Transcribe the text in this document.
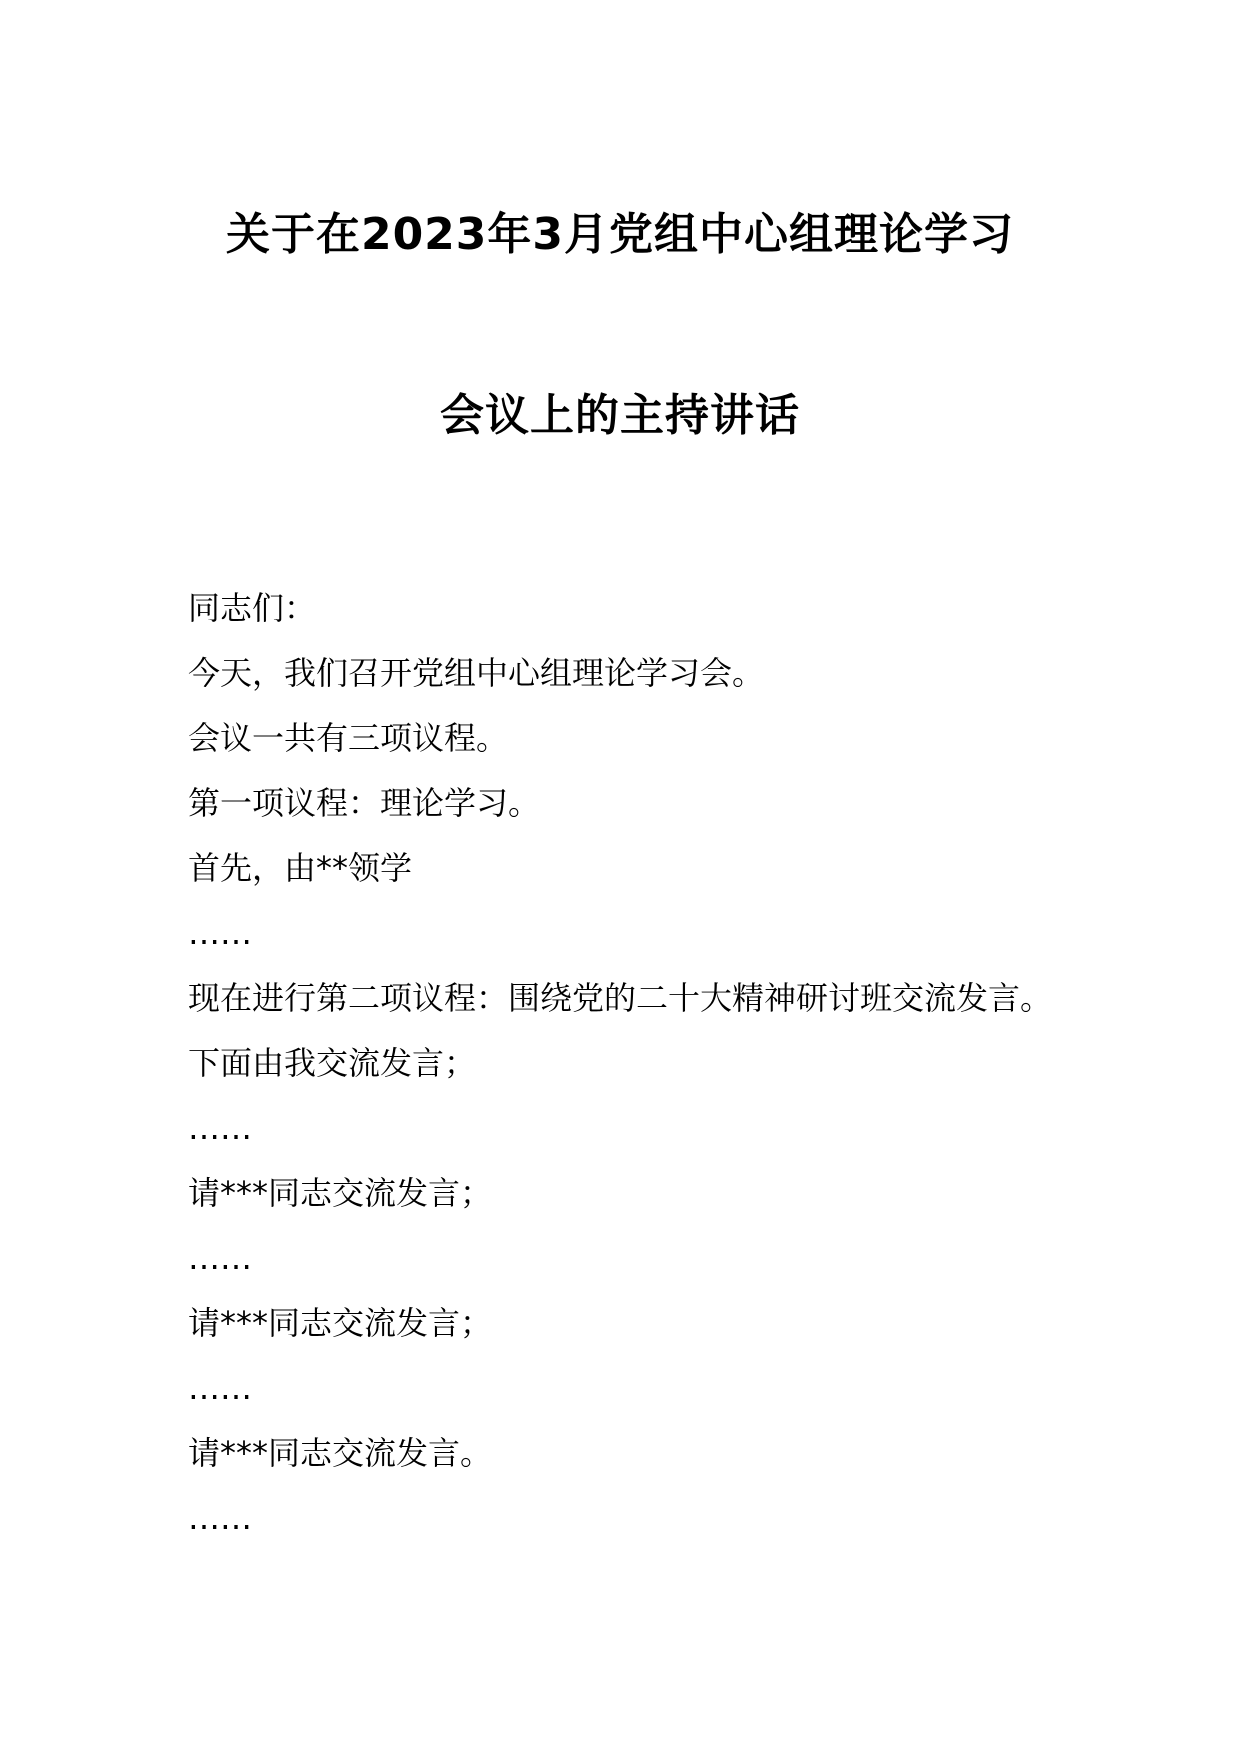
关于在2023年3月党组中心组理论学习
会议上的主持讲话
同志们：
今天，我们召开党组中心组理论学习会。
会议一共有三项议程。
第一项议程：理论学习。
首先，由**领学
……
现在进行第二项议程：围绕党的二十大精神研讨班交流发言。下面由我交流发言；
……
请***同志交流发言；
……
请***同志交流发言；
……
请***同志交流发言。
……
